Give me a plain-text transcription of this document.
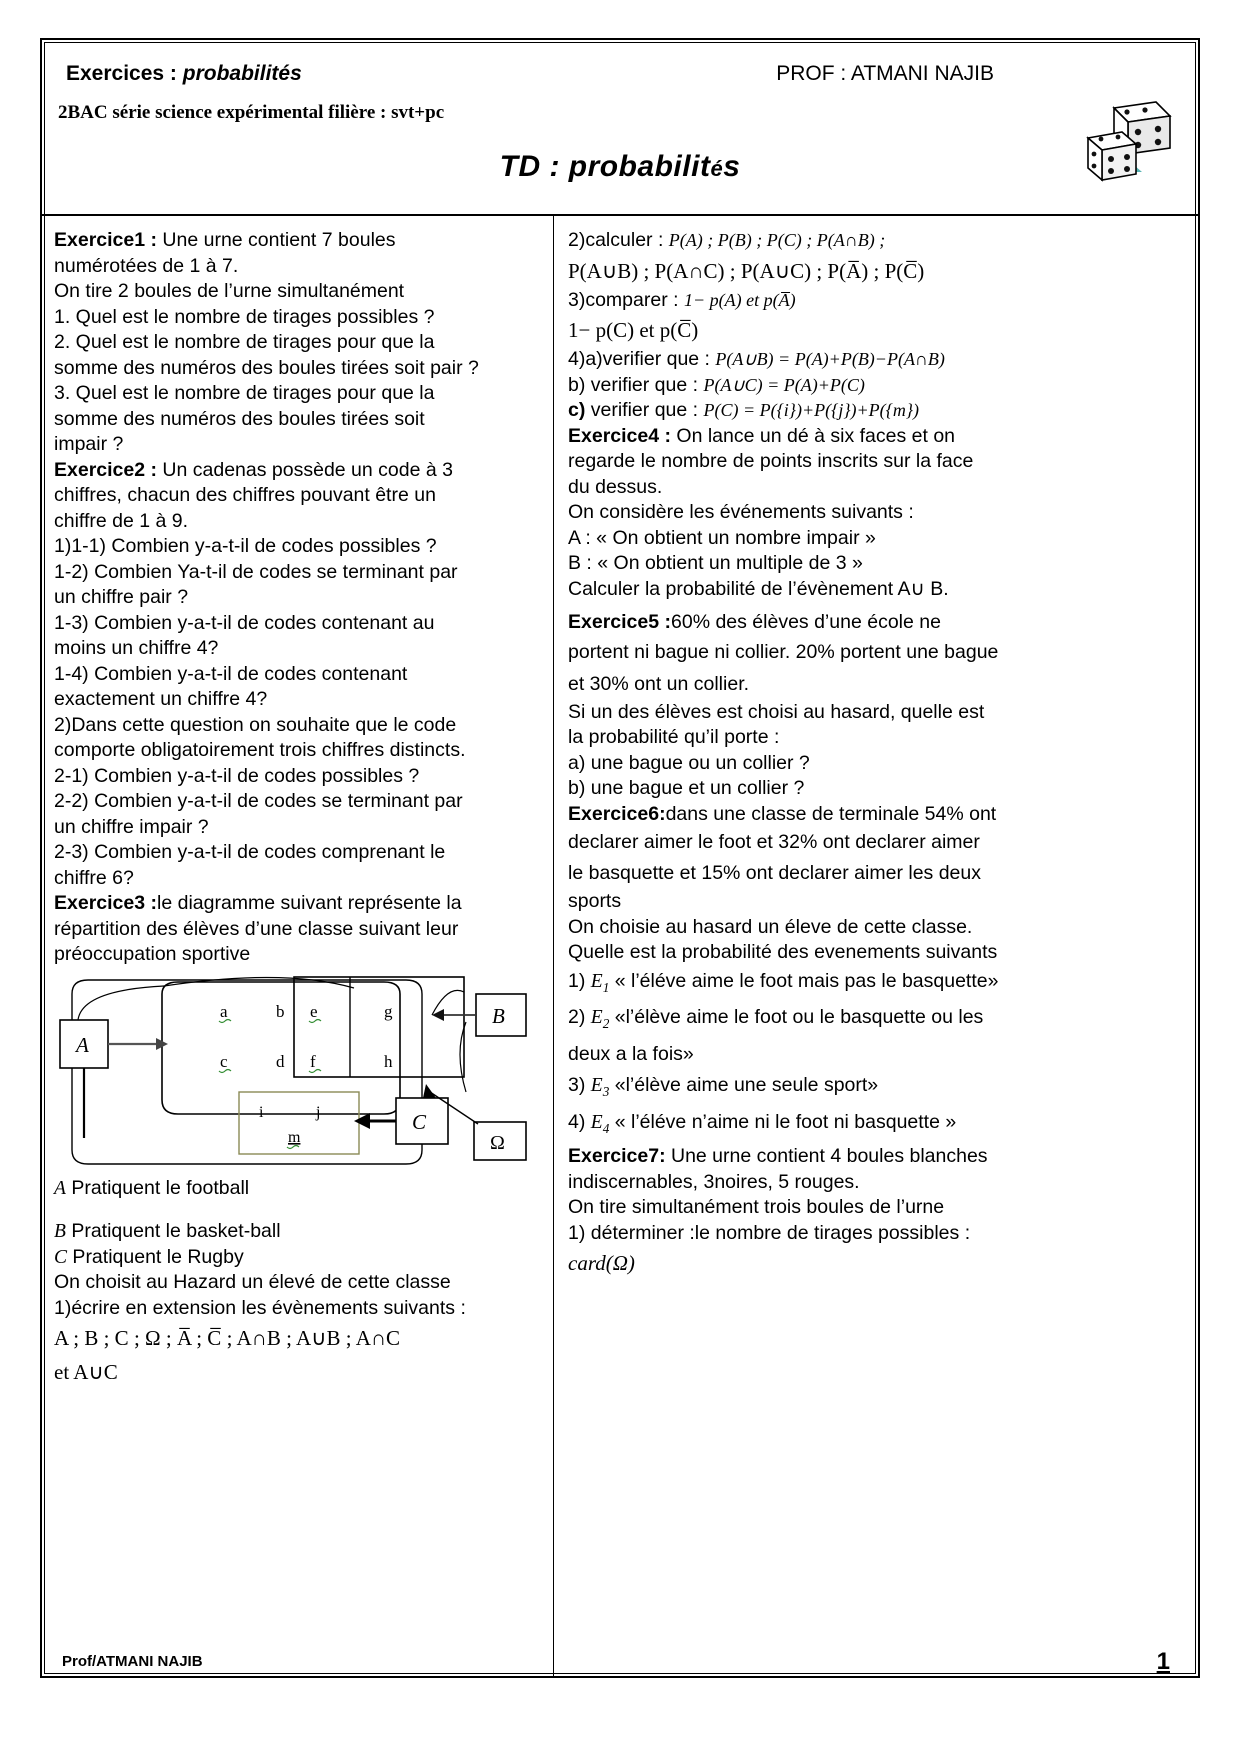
Exercices : probabilités	PROF : ATMANI NAJIB
2BAC série science expérimental filière : svt+pc
TD : probabilités
Exercice1 : Une urne contient 7 boules
numérotées de 1 à 7.
On tire 2 boules de l’urne simultanément
1. Quel est le nombre de tirages possibles ?
2. Quel est le nombre de tirages pour que la
somme des numéros des boules tirées soit pair ?
3. Quel est le nombre de tirages pour que la
somme des numéros des boules tirées soit
impair ?
Exercice2 : Un cadenas possède un code à 3
chiffres, chacun des chiffres pouvant être un
chiffre de 1 à 9.
1)1-1) Combien y-a-t-il de codes possibles ?
1-2) Combien Ya-t-il de codes se terminant par
un chiffre pair ?
1-3) Combien y-a-t-il de codes contenant au
moins un chiffre 4?
1-4) Combien y-a-t-il de codes contenant
exactement un chiffre 4?
2)Dans cette question on souhaite que le code
comporte obligatoirement trois chiffres distincts.
2-1) Combien y-a-t-il de codes possibles ?
2-2) Combien y-a-t-il de codes se terminant par
un chiffre impair ?
2-3) Combien y-a-t-il de codes comprenant le
chiffre 6?
Exercice3 :le diagramme suivant représente la
répartition des élèves d’une classe suivant leur
préoccupation sportive
a	b e	g
c	d f	h
i	j
m
A
B
C
Ω
A Pratiquent le football
B Pratiquent le basket-ball
C Pratiquent le Rugby
On choisit au Hazard un élevé de cette classe
1)écrire en extension les évènements suivants :
A ; B ; C ; Ω ; A̅ ; C̅ ; A∩B ; A∪B ; A∩C
et A∪C
2)calculer : P(A) ; P(B) ; P(C) ; P(A∩B) ;
P(A∪B) ; P(A∩C) ; P(A∪C) ; P(A̅) ; P(C̅)
3)comparer : 1− p(A) et p(A̅)
1− p(C) et p(C̅)
4)a)verifier que : P(A∪B) = P(A)+P(B)−P(A∩B)
b) verifier que : P(A∪C) = P(A)+P(C)
c) verifier que : P(C) = P({i})+P({j})+P({m})
Exercice4 : On lance un dé à six faces et on
regarde le nombre de points inscrits sur la face
du dessus.
On considère les événements suivants :
A : « On obtient un nombre impair »
B : « On obtient un multiple de 3 »
Calculer la probabilité de l’évènement A∪ B.
Exercice5 :60% des élèves d’une école ne
portent ni bague ni collier. 20% portent une bague
et 30% ont un collier.
Si un des élèves est choisi au hasard, quelle est
la probabilité qu’il porte :
a) une bague ou un collier ?
b) une bague et un collier ?
Exercice6:dans une classe de terminale 54% ont
declarer aimer le foot et 32% ont declarer aimer
le basquette et 15% ont declarer aimer les deux
sports
On choisie au hasard un éleve de cette classe.
Quelle est la probabilité des evenements suivants
1) $E_1$ « l’éléve aime le foot mais pas le basquette»
2) $E_2$ «l’élève aime le foot ou le basquette ou les
deux a la fois»
3) $E_3$ «l’élève aime une seule sport»
4) $E_4$ « l’éléve n’aime ni le foot ni basquette »
Exercice7: Une urne contient 4 boules blanches
indiscernables, 3noires, 5 rouges.
On tire simultanément trois boules de l’urne
1) déterminer :le nombre de tirages possibles :
card(Ω)
Prof/ATMANI NAJIB	1
